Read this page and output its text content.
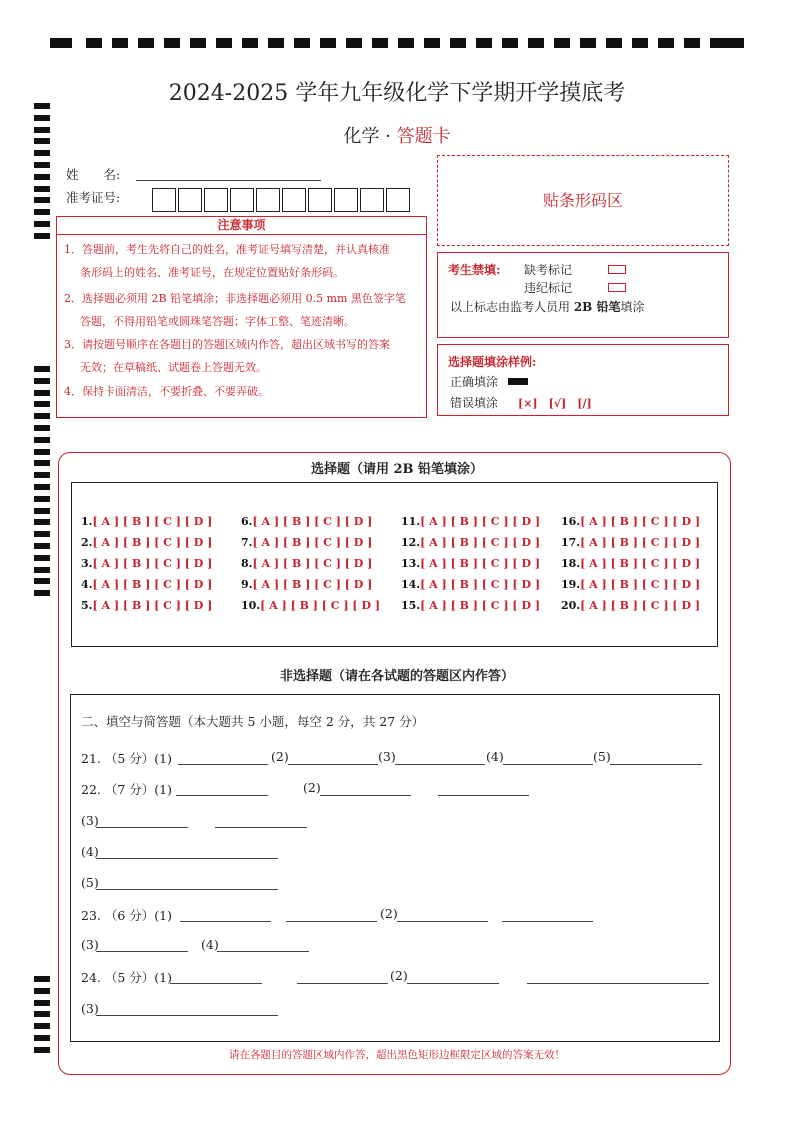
2024-2025 学年九年级化学下学期开学摸底考
化学 · 答题卡
姓　　名:
准考证号:	贴条形码区
注意事项
1．答题前，考生先将自己的姓名，准考证号填写清楚，并认真核准
条形码上的姓名、准考证号，在规定位置贴好条形码。
2．选择题必须用 2B 铅笔填涂；非选择题必须用 0.5 mm 黑色签字笔
答题，不得用铅笔或圆珠笔答题；字体工整、笔迹清晰。
3．请按题号顺序在各题目的答题区域内作答，超出区域书写的答案
无效；在草稿纸、试题卷上答题无效。
4．保持卡面清洁，不要折叠、不要弄破。
考生禁填: 缺考标记
违纪标记
以上标志由监考人员用 2B 铅笔填涂
选择题填涂样例:
正确填涂
错误填涂 [×]　[√]　[/]
选择题（请用 2B 铅笔填涂）
1.[ A ] [ B ] [ C ] [ D ]
2.[ A ] [ B ] [ C ] [ D ]
3.[ A ] [ B ] [ C ] [ D ]
4.[ A ] [ B ] [ C ] [ D ]
5.[ A ] [ B ] [ C ] [ D ]
6.[ A ] [ B ] [ C ] [ D ]
7.[ A ] [ B ] [ C ] [ D ]
8.[ A ] [ B ] [ C ] [ D ]
9.[ A ] [ B ] [ C ] [ D ]
10.[ A ] [ B ] [ C ] [ D ]
11.[ A ] [ B ] [ C ] [ D ]
12.[ A ] [ B ] [ C ] [ D ]
13.[ A ] [ B ] [ C ] [ D ]
14.[ A ] [ B ] [ C ] [ D ]
15.[ A ] [ B ] [ C ] [ D ]
16.[ A ] [ B ] [ C ] [ D ]
17.[ A ] [ B ] [ C ] [ D ]
18.[ A ] [ B ] [ C ] [ D ]
19.[ A ] [ B ] [ C ] [ D ]
20.[ A ] [ B ] [ C ] [ D ]
非选择题（请在各试题的答题区内作答）
二、填空与简答题（本大题共 5 小题，每空 2 分，共 27 分）
21. （5 分）(1)	(2)	(3)	(4)	(5)
22. （7 分）(1)	(2)
(3)
(4)
(5)
23. （6 分）(1)	(2)
(3)	(4)
24. （5 分）(1)	(2)
(3)
请在各题目的答题区域内作答，超出黑色矩形边框限定区域的答案无效！
